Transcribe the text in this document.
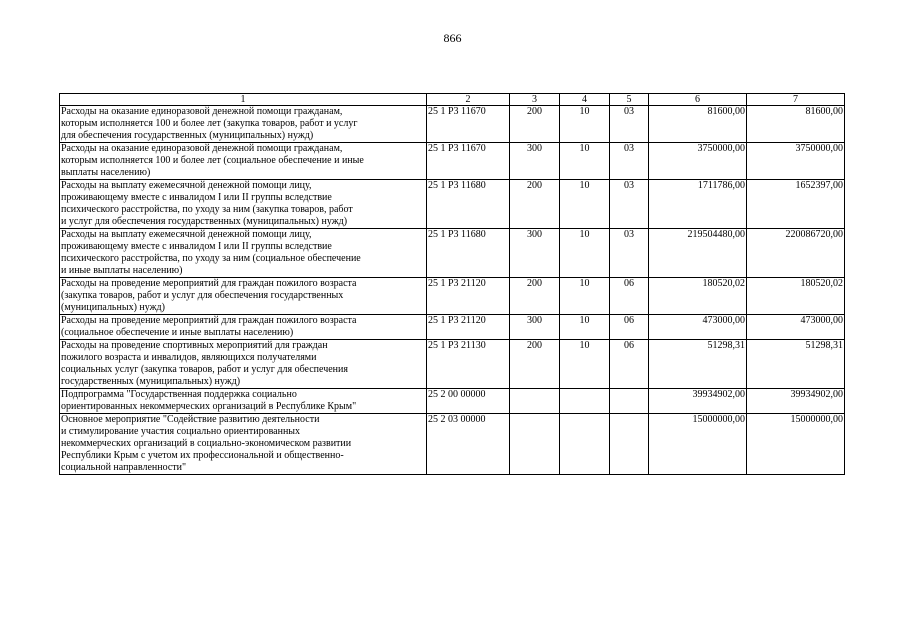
866
1	2	3	4	5	6	7

Расходы на оказание единоразовой денежной помощи гражданам,
которым исполняется 100 и более лет (закупка товаров, работ и услуг
для обеспечения государственных (муниципальных) нужд)	25 1 Р3 11670	200	10	03	81600,00	81600,00

Расходы на оказание единоразовой денежной помощи гражданам,
которым исполняется 100 и более лет (социальное обеспечение и иные
выплаты населению)	25 1 Р3 11670	300	10	03	3750000,00	3750000,00

Расходы на выплату ежемесячной денежной помощи лицу,
проживающему вместе с инвалидом I или II группы вследствие
психического расстройства, по уходу за ним (закупка товаров, работ
и услуг для обеспечения государственных (муниципальных) нужд)	25 1 Р3 11680	200	10	03	1711786,00	1652397,00

Расходы на выплату ежемесячной денежной помощи лицу,
проживающему вместе с инвалидом I или II группы вследствие
психического расстройства, по уходу за ним (социальное обеспечение
и иные выплаты населению)	25 1 Р3 11680	300	10	03	219504480,00	220086720,00

Расходы на проведение мероприятий для граждан пожилого возраста
(закупка товаров, работ и услуг для обеспечения государственных
(муниципальных) нужд)	25 1 Р3 21120	200	10	06	180520,02	180520,02

Расходы на проведение мероприятий для граждан пожилого возраста
(социальное обеспечение и иные выплаты населению)	25 1 Р3 21120	300	10	06	473000,00	473000,00

Расходы на проведение спортивных мероприятий для граждан
пожилого возраста и инвалидов, являющихся получателями
социальных услуг (закупка товаров, работ и услуг для обеспечения
государственных (муниципальных) нужд)	25 1 Р3 21130	200	10	06	51298,31	51298,31

Подпрограмма "Государственная поддержка социально
ориентированных некоммерческих организаций в Республике Крым"	25 2 00 00000				39934902,00	39934902,00

Основное мероприятие "Содействие развитию деятельности
и стимулирование участия социально ориентированных
некоммерческих организаций в социально-экономическом развитии
Республики Крым с учетом их профессиональной и общественно-
социальной направленности"	25 2 03 00000				15000000,00	15000000,00
